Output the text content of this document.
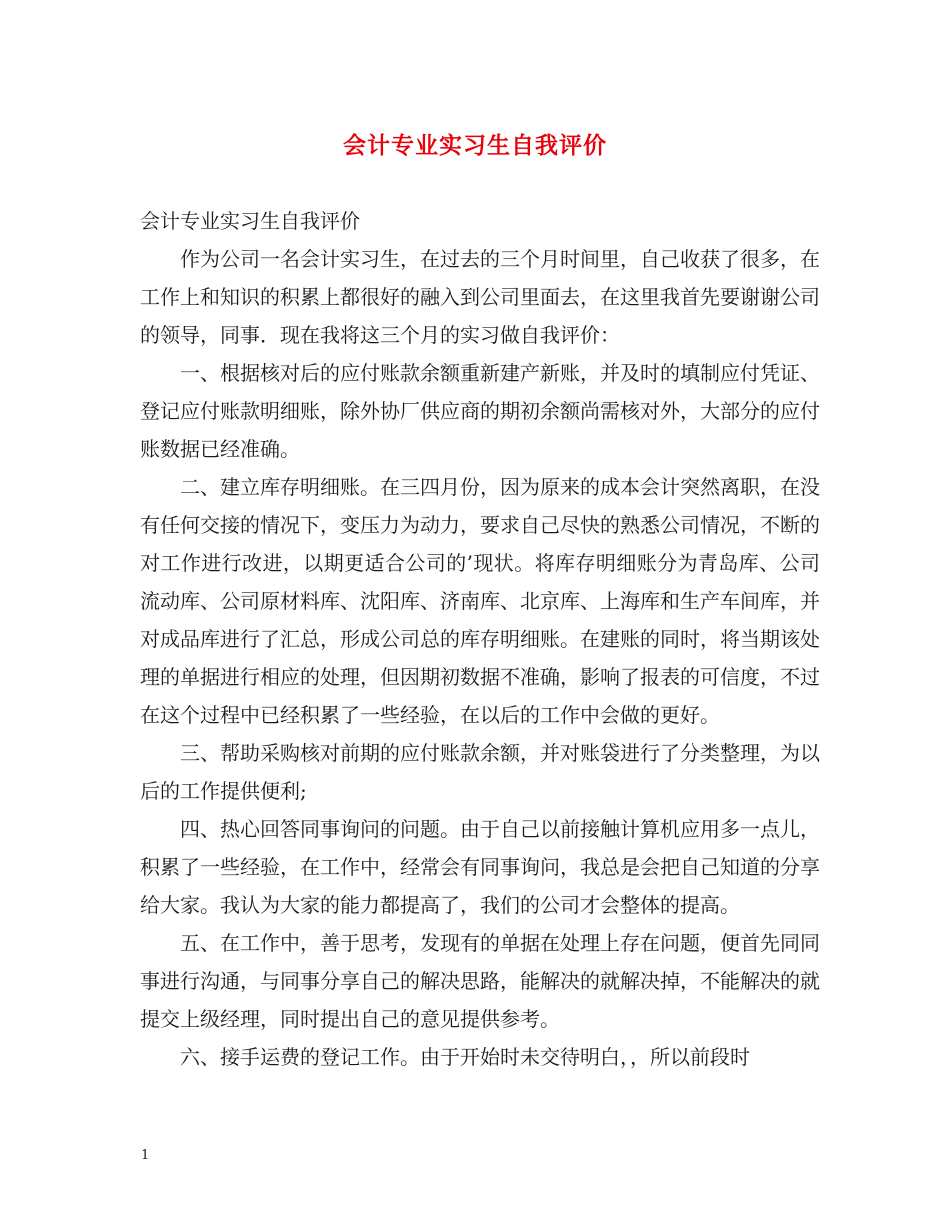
会计专业实习生自我评价
会计专业实习生自我评价

作为公司一名会计实习生，在过去的三个月时间里，自己收获了很多，在工作上和知识的积累上都很好的融入到公司里面去，在这里我首先要谢谢公司的领导，同事．现在我将这三个月的实习做自我评价：

一、根据核对后的应付账款余额重新建产新账，并及时的填制应付凭证、登记应付账款明细账，除外协厂供应商的期初余额尚需核对外，大部分的应付账数据已经准确。

二、建立库存明细账。在三四月份，因为原来的成本会计突然离职，在没有任何交接的情况下，变压力为动力，要求自己尽快的熟悉公司情况，不断的对工作进行改进，以期更适合公司的’现状。将库存明细账分为青岛库、公司流动库、公司原材料库、沈阳库、济南库、北京库、上海库和生产车间库，并对成品库进行了汇总，形成公司总的库存明细账。在建账的同时，将当期该处理的单据进行相应的处理，但因期初数据不准确，影响了报表的可信度，不过在这个过程中已经积累了一些经验，在以后的工作中会做的更好。

三、帮助采购核对前期的应付账款余额，并对账袋进行了分类整理，为以后的工作提供便利;

四、热心回答同事询问的问题。由于自己以前接触计算机应用多一点儿，积累了一些经验，在工作中，经常会有同事询问，我总是会把自己知道的分享给大家。我认为大家的能力都提高了，我们的公司才会整体的提高。

五、在工作中，善于思考，发现有的单据在处理上存在问题，便首先同同事进行沟通，与同事分享自己的解决思路，能解决的就解决掉，不能解决的就提交上级经理，同时提出自己的意见提供参考。

六、接手运费的登记工作。由于开始时未交待明白，，所以前段时

1
